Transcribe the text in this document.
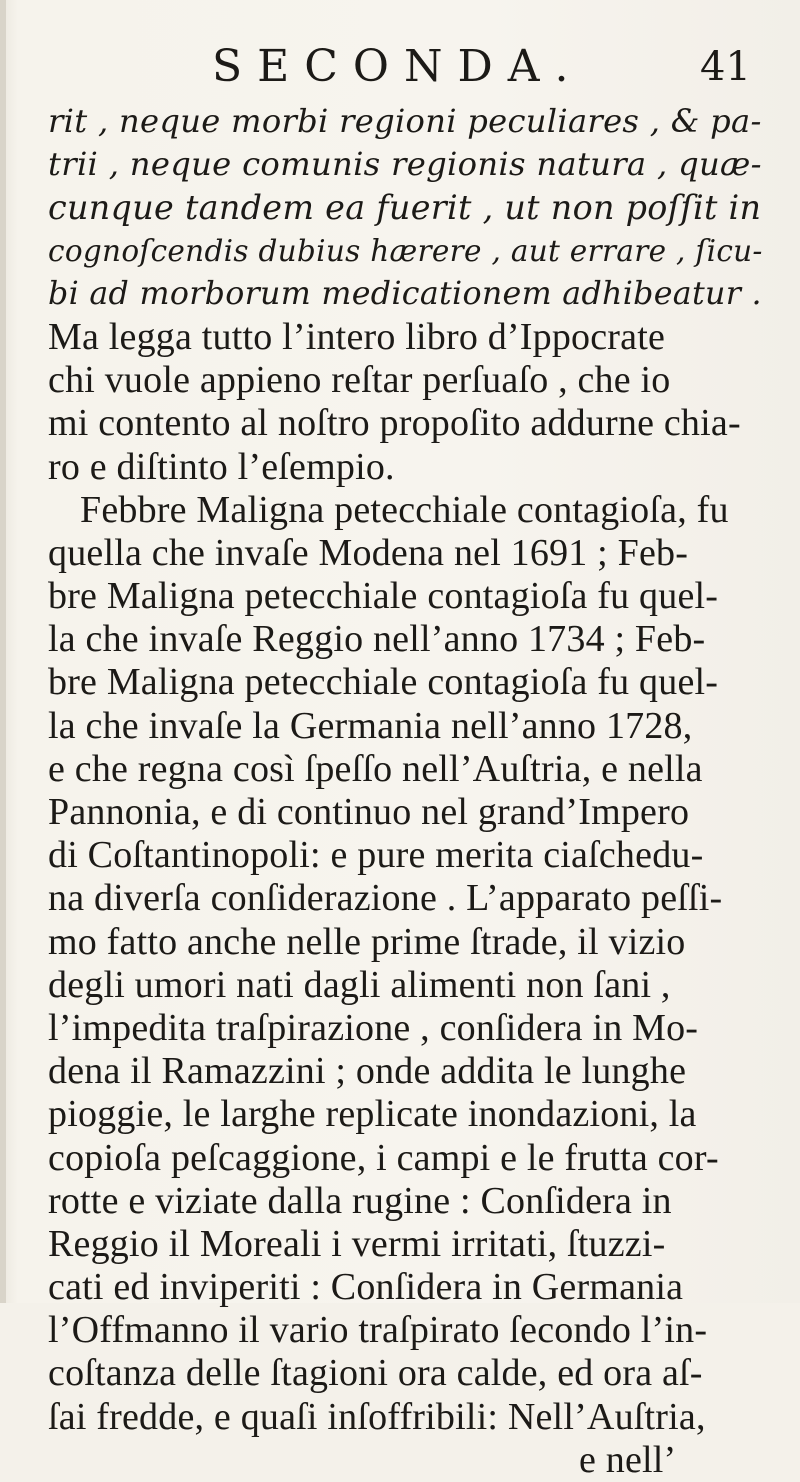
SECONDA.	41
rit , neque morbi regioni peculiares , & pa-
trii , neque comunis regionis natura , quæ-
cunque tandem ea fuerit , ut non poſſit in
cognoſcendis dubius hærere , aut errare , ſicu-
bi ad morborum medicationem adhibeatur .
Ma legga tutto l’intero libro d’Ippocrate
chi vuole appieno reſtar perſuaſo , che io
mi contento al noſtro propoſito addurne chia-
ro e diſtinto l’eſempio.
Febbre Maligna petecchiale contagioſa, fu
quella che invaſe Modena nel 1691 ; Feb-
bre Maligna petecchiale contagioſa fu quel-
la che invaſe Reggio nell’anno 1734 ; Feb-
bre Maligna petecchiale contagioſa fu quel-
la che invaſe la Germania nell’anno 1728,
e che regna così ſpeſſo nell’Auſtria, e nella
Pannonia, e di continuo nel grand’Impero
di Coſtantinopoli: e pure merita ciaſchedu-
na diverſa conſiderazione . L’apparato peſſi-
mo fatto anche nelle prime ſtrade, il vizio
degli umori nati dagli alimenti non ſani ,
l’impedita traſpirazione , conſidera in Mo-
dena il Ramazzini ; onde addita le lunghe
pioggie, le larghe replicate inondazioni, la
copioſa peſcaggione, i campi e le frutta cor-
rotte e viziate dalla rugine : Conſidera in
Reggio il Moreali i vermi irritati, ſtuzzi-
cati ed inviperiti : Conſidera in Germania
l’Offmanno il vario traſpirato ſecondo l’in-
coſtanza delle ſtagioni ora calde, ed ora aſ-
ſai fredde, e quaſi inſoffribili: Nell’Auſtria,
e nell’
